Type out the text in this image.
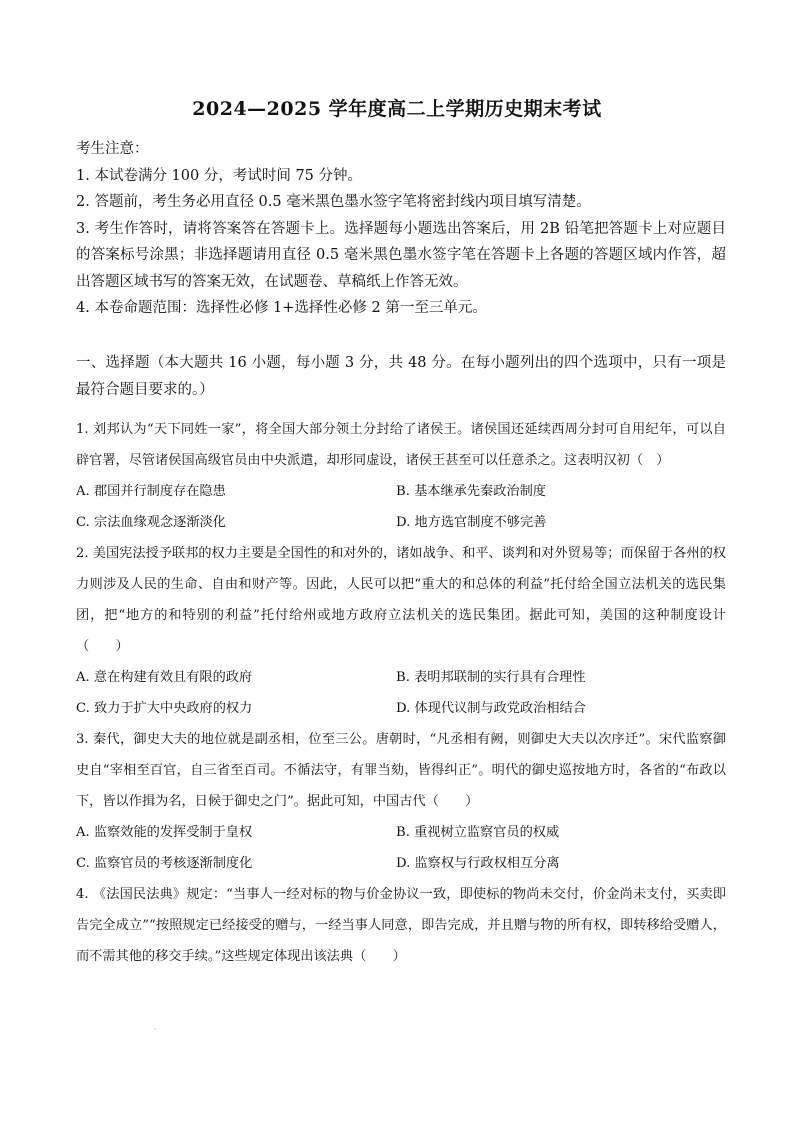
2024—2025 学年度高二上学期历史期末考试

考生注意：

1. 本试卷满分 100 分，考试时间 75 分钟。

2. 答题前，考生务必用直径 0.5 毫米黑色墨水签字笔将密封线内项目填写清楚。

3. 考生作答时，请将答案答在答题卡上。选择题每小题选出答案后，用 2B 铅笔把答题卡上对应题目的答案标号涂黑；非选择题请用直径 0.5 毫米黑色墨水签字笔在答题卡上各题的答题区域内作答，超出答题区域书写的答案无效，在试题卷、草稿纸上作答无效。

4. 本卷命题范围：选择性必修 1+选择性必修 2 第一至三单元。

一、选择题（本大题共 16 小题，每小题 3 分，共 48 分。在每小题列出的四个选项中，只有一项是最符合题目要求的。）

1. 刘邦认为“天下同姓一家”，将全国大部分领土分封给了诸侯王。诸侯国还延续西周分封可自用纪年，可以自辟官署，尽管诸侯国高级官员由中央派遣，却形同虚设，诸侯王甚至可以任意杀之。这表明汉初（　）

A. 郡国并行制度存在隐患	B. 基本继承先秦政治制度
C. 宗法血缘观念逐渐淡化	D. 地方选官制度不够完善

2. 美国宪法授予联邦的权力主要是全国性的和对外的，诸如战争、和平、谈判和对外贸易等；而保留于各州的权力则涉及人民的生命、自由和财产等。因此，人民可以把“重大的和总体的利益”托付给全国立法机关的选民集团，把“地方的和特别的利益”托付给州或地方政府立法机关的选民集团。据此可知，美国的这种制度设计（　　）

A. 意在构建有效且有限的政府	B. 表明邦联制的实行具有合理性
C. 致力于扩大中央政府的权力	D. 体现代议制与政党政治相结合

3. 秦代，御史大夫的地位就是副丞相，位至三公。唐朝时，“凡丞相有阙，则御史大夫以次序迁”。宋代监察御史自“宰相至百官，自三省至百司。不循法守，有罪当劾，皆得纠正”。明代的御史巡按地方时，各省的“布政以下，皆以作揖为名，日候于御史之门”。据此可知，中国古代（　　）

A. 监察效能的发挥受制于皇权	B. 重视树立监察官员的权威
C. 监察官员的考核逐渐制度化	D. 监察权与行政权相互分离

4. 《法国民法典》规定：“当事人一经对标的物与价金协议一致，即使标的物尚未交付，价金尚未支付，买卖即告完全成立”“按照规定已经接受的赠与，一经当事人同意，即告完成，并且赠与物的所有权，即转移给受赠人，而不需其他的移交手续。”这些规定体现出该法典（　　）

·
